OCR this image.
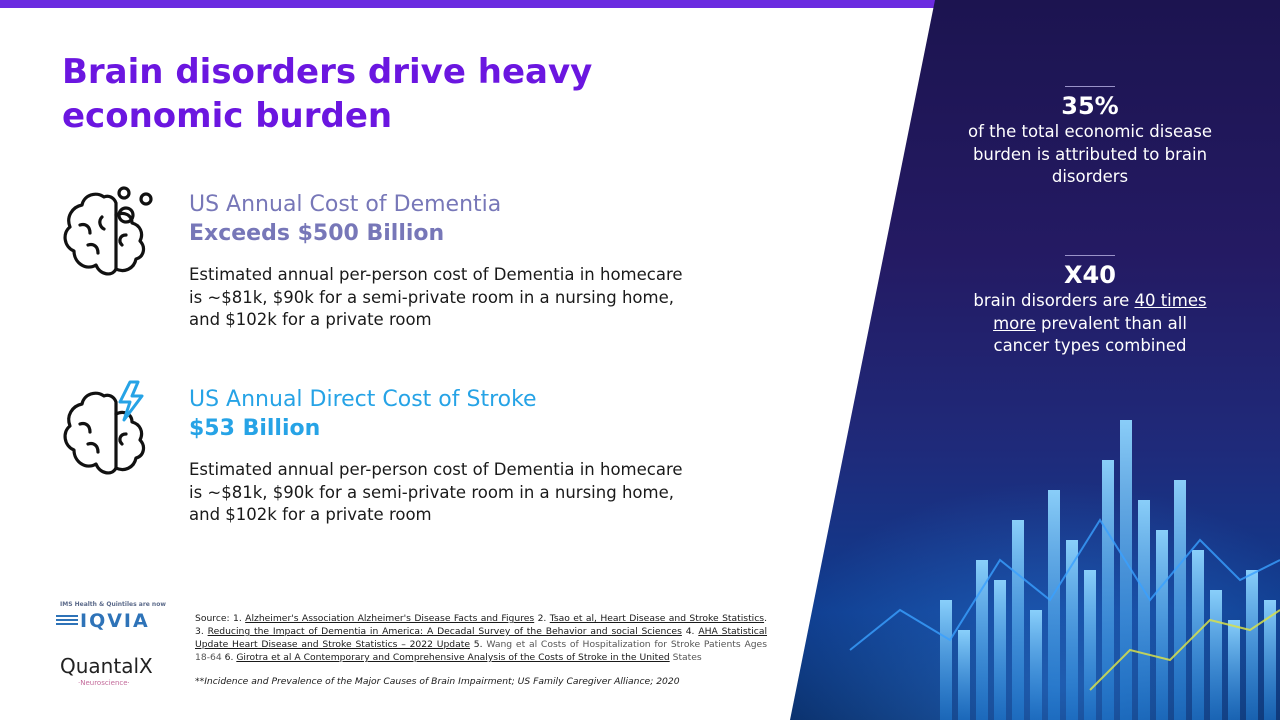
Brain disorders drive heavy economic burden
US Annual Cost of Dementia
Exceeds $500 Billion
Estimated annual per-person cost of Dementia in homecare is ~$81k, $90k for a semi-private room in a nursing home, and $102k for a private room
US Annual Direct Cost of Stroke
$53 Billion
Estimated annual per-person cost of Dementia in homecare is ~$81k, $90k for a semi-private room in a nursing home, and $102k for a private room
35%
of the total economic disease burden is attributed to brain disorders
X40
brain disorders are 40 times more prevalent than all cancer types combined
IMS Health & Quintiles are now
IQVIA
QuantalX
·Neuroscience·
Source: 1. Alzheimer's Association Alzheimer's Disease Facts and Figures 2. Tsao et al, Heart Disease and Stroke Statistics. 3. Reducing the Impact of Dementia in America: A Decadal Survey of the Behavior and social Sciences 4. AHA Statistical Update Heart Disease and Stroke Statistics – 2022 Update 5. Wang et al Costs of Hospitalization for Stroke Patients Ages 18-64 6. Girotra et al A Contemporary and Comprehensive Analysis of the Costs of Stroke in the United States
**Incidence and Prevalence of the Major Causes of Brain Impairment; US Family Caregiver Alliance; 2020
